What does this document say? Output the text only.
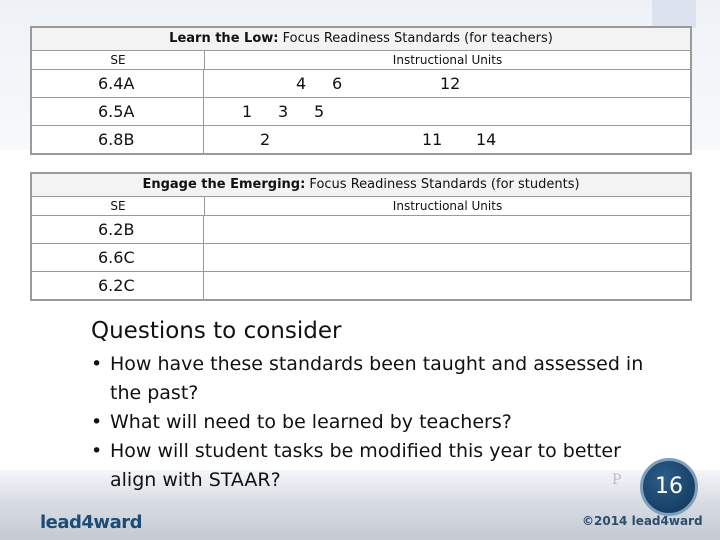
Learn the Low: Focus Readiness Standards (for teachers)
SE	Instructional Units
6.4A	4 6	12
6.5A	1 3 5
6.8B	2	11 14
Engage the Emerging: Focus Readiness Standards (for students)
SE	Instructional Units
6.2B
6.6C
6.2C
Questions to consider
• How have these standards been taught and assessed in the past?
• What will need to be learned by teachers?
• How will student tasks be modified this year to better align with STAAR?	P	16
lead4ward	©2014 lead4ward
